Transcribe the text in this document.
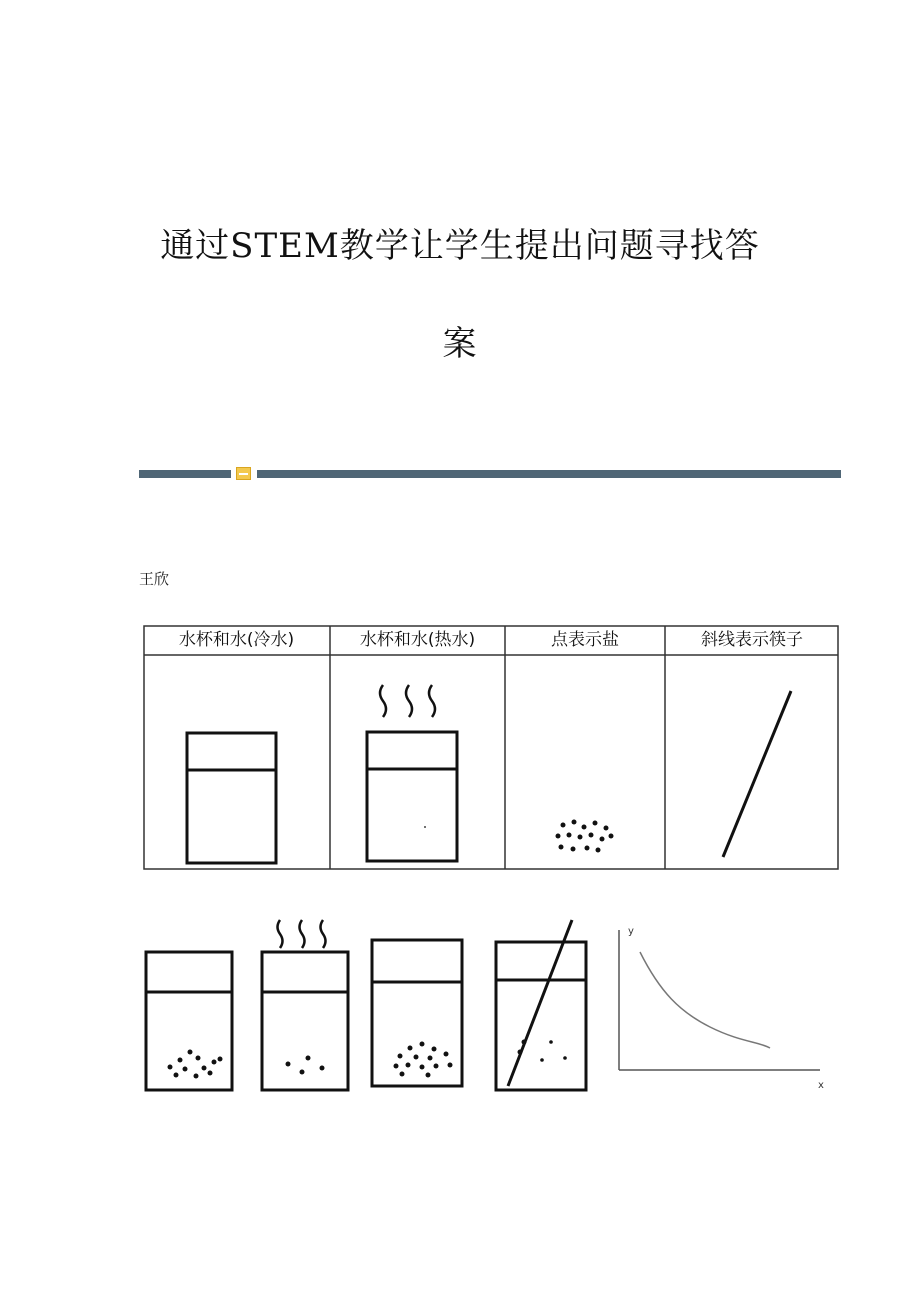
通过STEM教学让学生提出问题寻找答
案
王欣
水杯和水(冷水)	水杯和水(热水)	点表示盐	斜线表示筷子
y
x
